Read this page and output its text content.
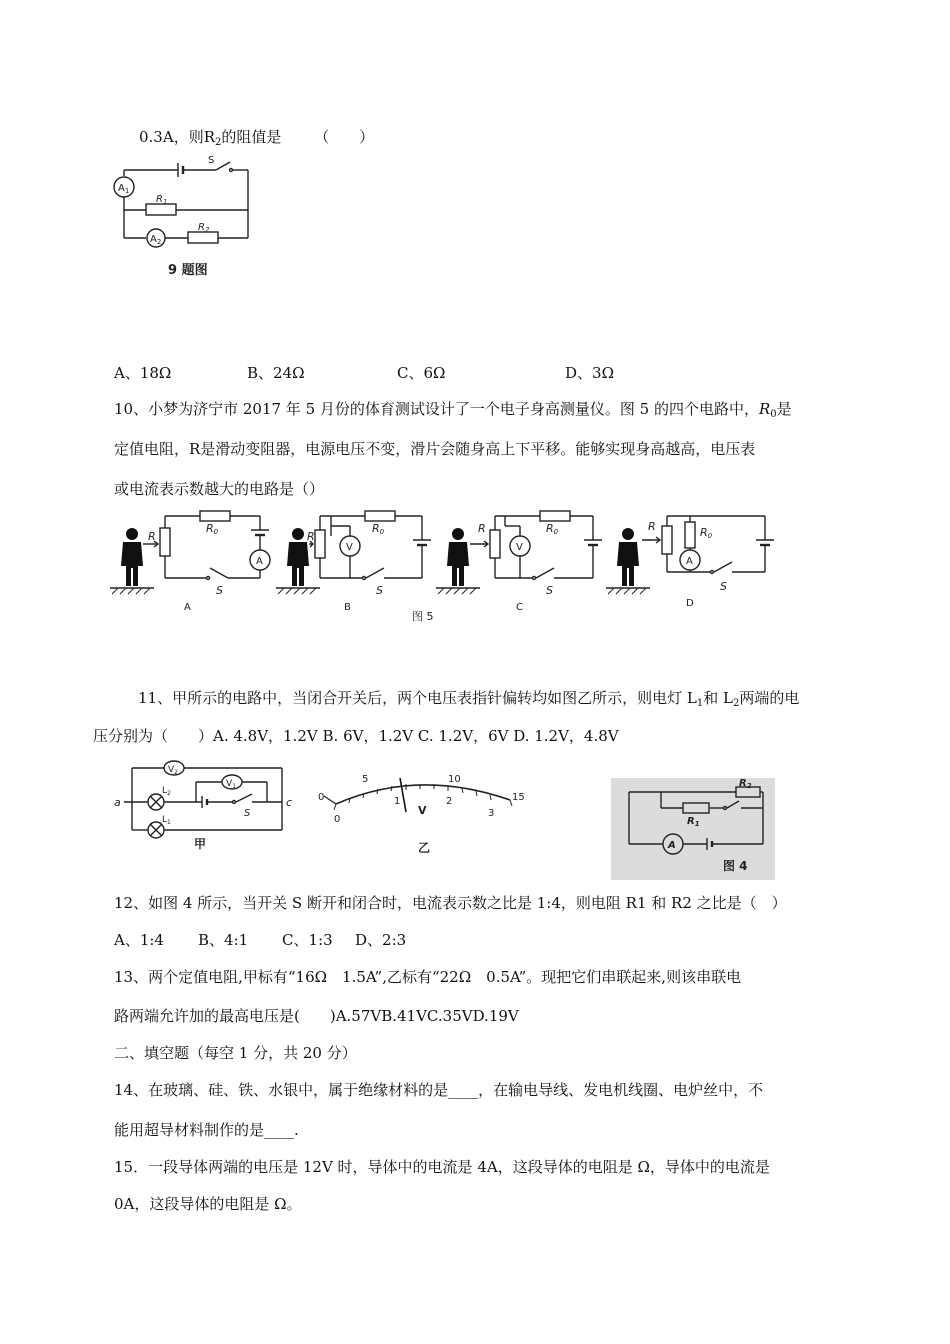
0.3A，则$R_2$的阻值是 （　　）
$A_1$
$A_2$
$R_1$
$R_2$
S
9 题图
A、18Ω	B、24Ω	C、6Ω	D、3Ω
10、小梦为济宁市 2017 年 5 月份的体育测试设计了一个电子身高测量仪。图 5 的四个电路中，$R_0$是
定值电阻，R是滑动变阻器，电源电压不变，滑片会随身高上下平移。能够实现身高越高，电压表
或电流表示数越大的电路是（）
A
R
R0
S
A
V
R
R0
S
B
V
R	R0
S
C
A
R	R0
S
D
图 5
11、甲所示的电路中，当闭合开关后，两个电压表指针偏转均如图乙所示，则电灯 $L_1$和 $L_2$两端的电
压分别为（　　）A. 4.8V，1.2V B. 6V，1.2V C. 1.2V，6V D. 1.2V，4.8V
$V_2$
$V_1$
$L_2$
$L_1$
a	c
S
甲
5	10
15
0
0
1	2
3
V
乙
$R_2$
$R_1$
A
图 4
12、如图 4 所示，当开关 S 断开和闭合时，电流表示数之比是 1:4，则电阻 R1 和 R2 之比是（　）
A、1:4 B、4:1 C、1:3 D、2:3
13、两个定值电阻,甲标有“16Ω　1.5A”,乙标有“22Ω　0.5A”。现把它们串联起来,则该串联电
路两端允许加的最高电压是(　　)A.57VB.41VC.35VD.19V
二、填空题（每空 1 分，共 20 分）
14、在玻璃、硅、铁、水银中，属于绝缘材料的是____，在输电导线、发电机线圈、电炉丝中，不
能用超导材料制作的是____.
15．一段导体两端的电压是 12V 时，导体中的电流是 4A，这段导体的电阻是 Ω，导体中的电流是
0A，这段导体的电阻是 Ω。
